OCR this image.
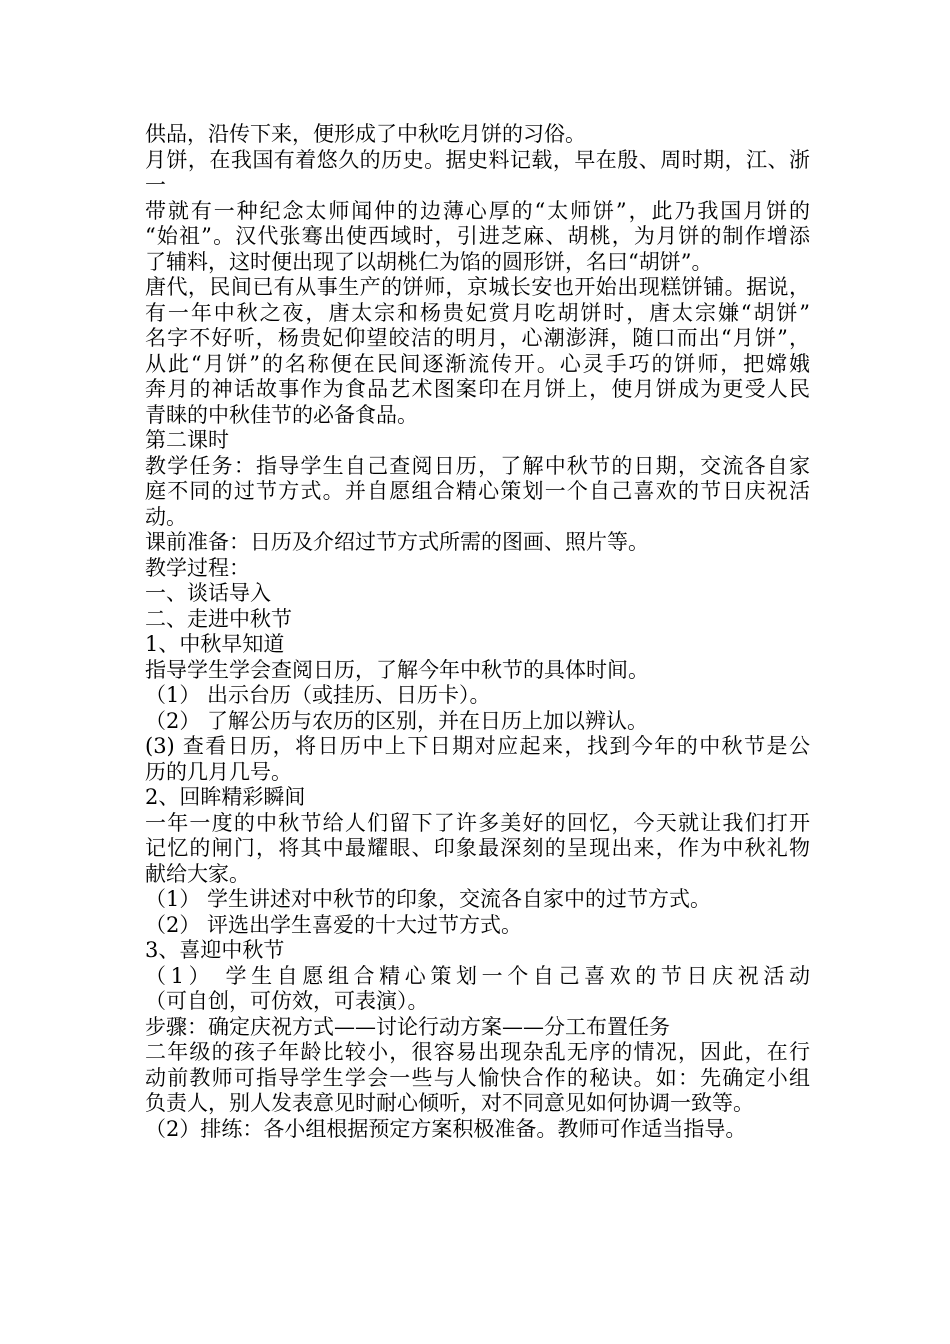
供品，沿传下来，便形成了中秋吃月饼的习俗。
月饼，在我国有着悠久的历史。据史料记载，早在殷、周时期，江、浙一
带就有一种纪念太师闻仲的边薄心厚的“太师饼”，此乃我国月饼的
“始祖”。汉代张骞出使西域时，引进芝麻、胡桃，为月饼的制作增添
了辅料，这时便出现了以胡桃仁为馅的圆形饼，名曰“胡饼”。
唐代，民间已有从事生产的饼师，京城长安也开始出现糕饼铺。据说，
有一年中秋之夜，唐太宗和杨贵妃赏月吃胡饼时，唐太宗嫌“胡饼”
名字不好听，杨贵妃仰望皎洁的明月，心潮澎湃，随口而出“月饼”，
从此“月饼”的名称便在民间逐渐流传开。心灵手巧的饼师，把嫦娥
奔月的神话故事作为食品艺术图案印在月饼上，使月饼成为更受人民
青睐的中秋佳节的必备食品。
第二课时
教学任务：指导学生自己查阅日历，了解中秋节的日期，交流各自家
庭不同的过节方式。并自愿组合精心策划一个自己喜欢的节日庆祝活
动。
课前准备：日历及介绍过节方式所需的图画、照片等。
教学过程：
一、谈话导入
二、走进中秋节
1、中秋早知道
指导学生学会查阅日历，了解今年中秋节的具体时间。
（1） 出示台历（或挂历、日历卡）。
（2） 了解公历与农历的区别，并在日历上加以辨认。
(3) 查看日历，将日历中上下日期对应起来，找到今年的中秋节是公
历的几月几号。
2、回眸精彩瞬间
一年一度的中秋节给人们留下了许多美好的回忆，今天就让我们打开
记忆的闸门，将其中最耀眼、印象最深刻的呈现出来，作为中秋礼物
献给大家。
（1） 学生讲述对中秋节的印象，交流各自家中的过节方式。
（2） 评选出学生喜爱的十大过节方式。
3、喜迎中秋节
（1） 学生自愿组合精心策划一个自己喜欢的节日庆祝活动
（可自创，可仿效，可表演）。
步骤：确定庆祝方式——讨论行动方案——分工布置任务
二年级的孩子年龄比较小，很容易出现杂乱无序的情况，因此，在行
动前教师可指导学生学会一些与人愉快合作的秘诀。如：先确定小组
负责人，别人发表意见时耐心倾听，对不同意见如何协调一致等。
（2）排练：各小组根据预定方案积极准备。教师可作适当指导。
